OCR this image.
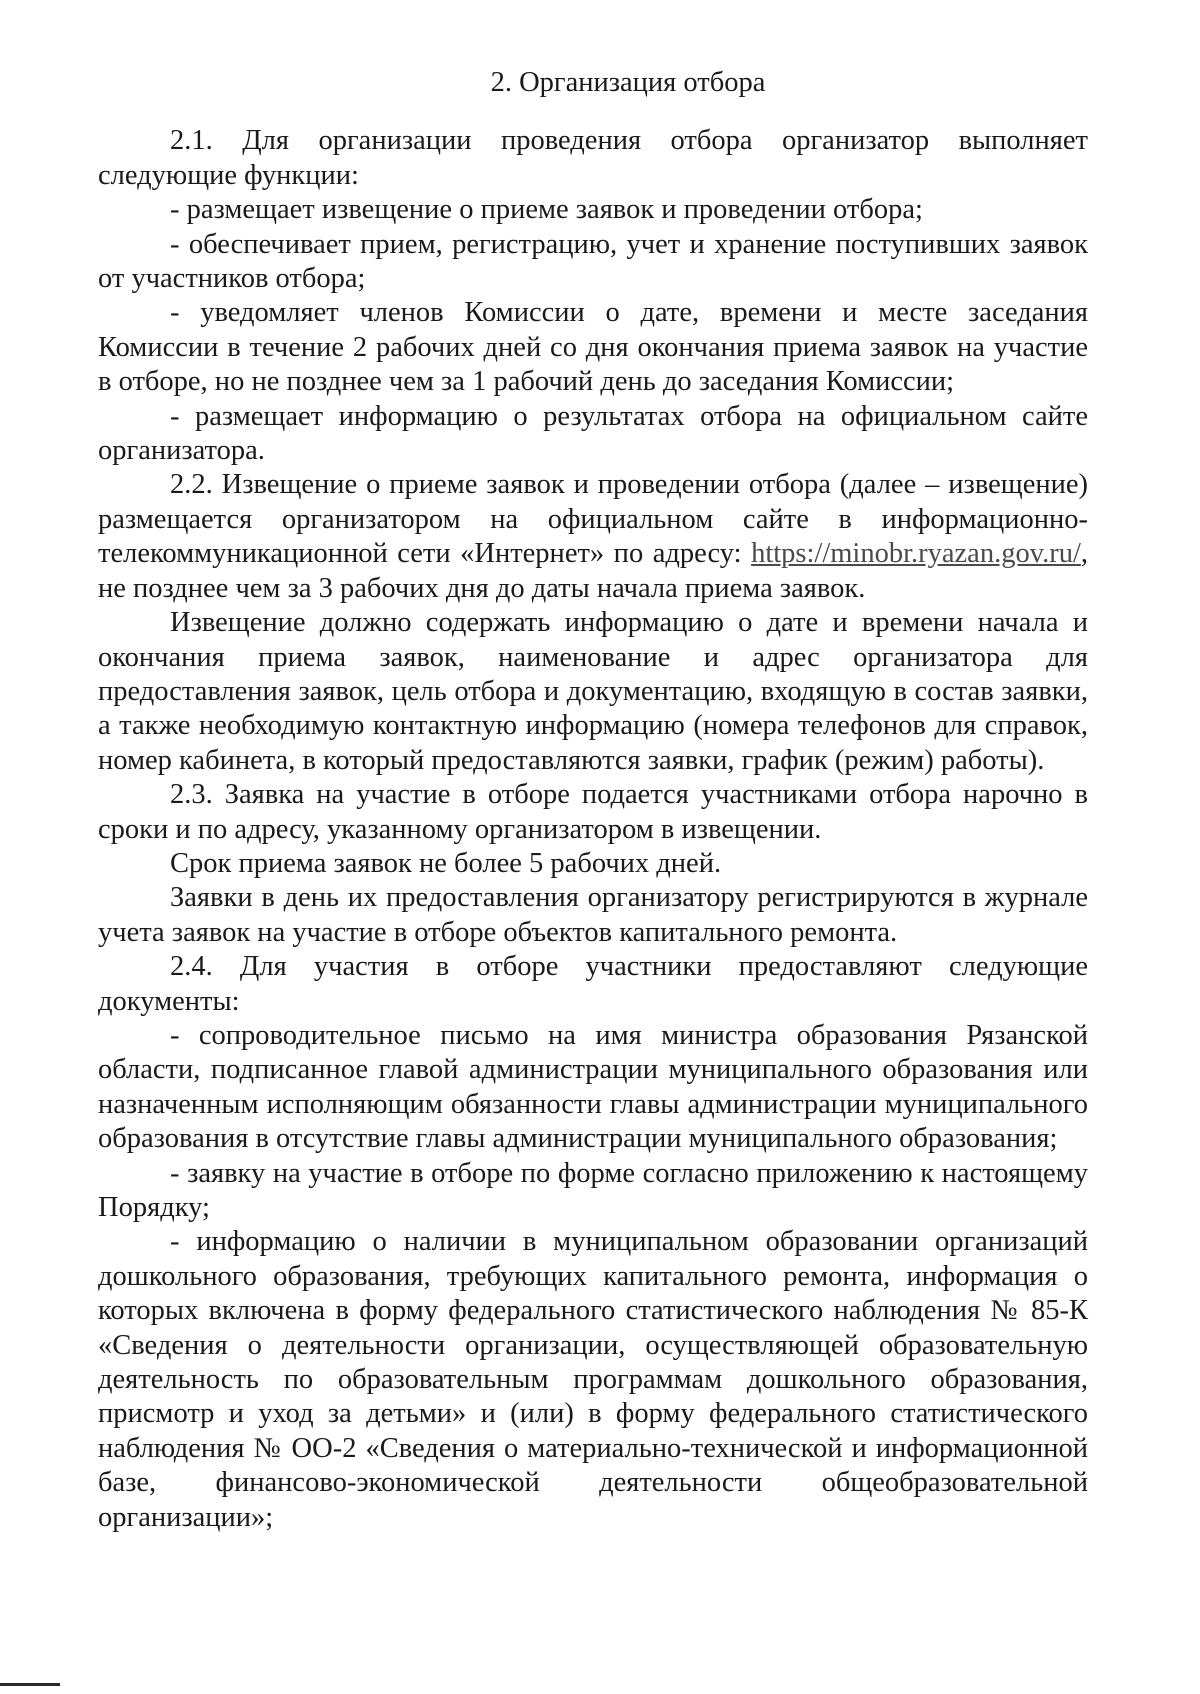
2. Организация отбора

2.1. Для организации проведения отбора организатор выполняет следующие функции:

- размещает извещение о приеме заявок и проведении отбора;

- обеспечивает прием, регистрацию, учет и хранение поступивших заявок от участников отбора;

- уведомляет членов Комиссии о дате, времени и месте заседания Комиссии в течение 2 рабочих дней со дня окончания приема заявок на участие в отборе, но не позднее чем за 1 рабочий день до заседания Комиссии;

- размещает информацию о результатах отбора на официальном сайте организатора.

2.2. Извещение о приеме заявок и проведении отбора (далее – извещение) размещается организатором на официальном сайте в информационно-телекоммуникационной сети «Интернет» по адресу: https://minobr.ryazan.gov.ru/, не позднее чем за 3 рабочих дня до даты начала приема заявок.

Извещение должно содержать информацию о дате и времени начала и окончания приема заявок, наименование и адрес организатора для предоставления заявок, цель отбора и документацию, входящую в состав заявки, а также необходимую контактную информацию (номера телефонов для справок, номер кабинета, в который предоставляются заявки, график (режим) работы).

2.3. Заявка на участие в отборе подается участниками отбора нарочно в сроки и по адресу, указанному организатором в извещении.

Срок приема заявок не более 5 рабочих дней.

Заявки в день их предоставления организатору регистрируются в журнале учета заявок на участие в отборе объектов капитального ремонта.

2.4. Для участия в отборе участники предоставляют следующие документы:

- сопроводительное письмо на имя министра образования Рязанской области, подписанное главой администрации муниципального образования или назначенным исполняющим обязанности главы администрации муниципального образования в отсутствие главы администрации муниципального образования;

- заявку на участие в отборе по форме согласно приложению к настоящему Порядку;

- информацию о наличии в муниципальном образовании организаций дошкольного образования, требующих капитального ремонта, информация о которых включена в форму федерального статистического наблюдения № 85-К «Сведения о деятельности организации, осуществляющей образовательную деятельность по образовательным программам дошкольного образования, присмотр и уход за детьми» и (или) в форму федерального статистического наблюдения № ОО-2 «Сведения о материально-технической и информационной базе, финансово-экономической деятельности общеобразовательной организации»;
